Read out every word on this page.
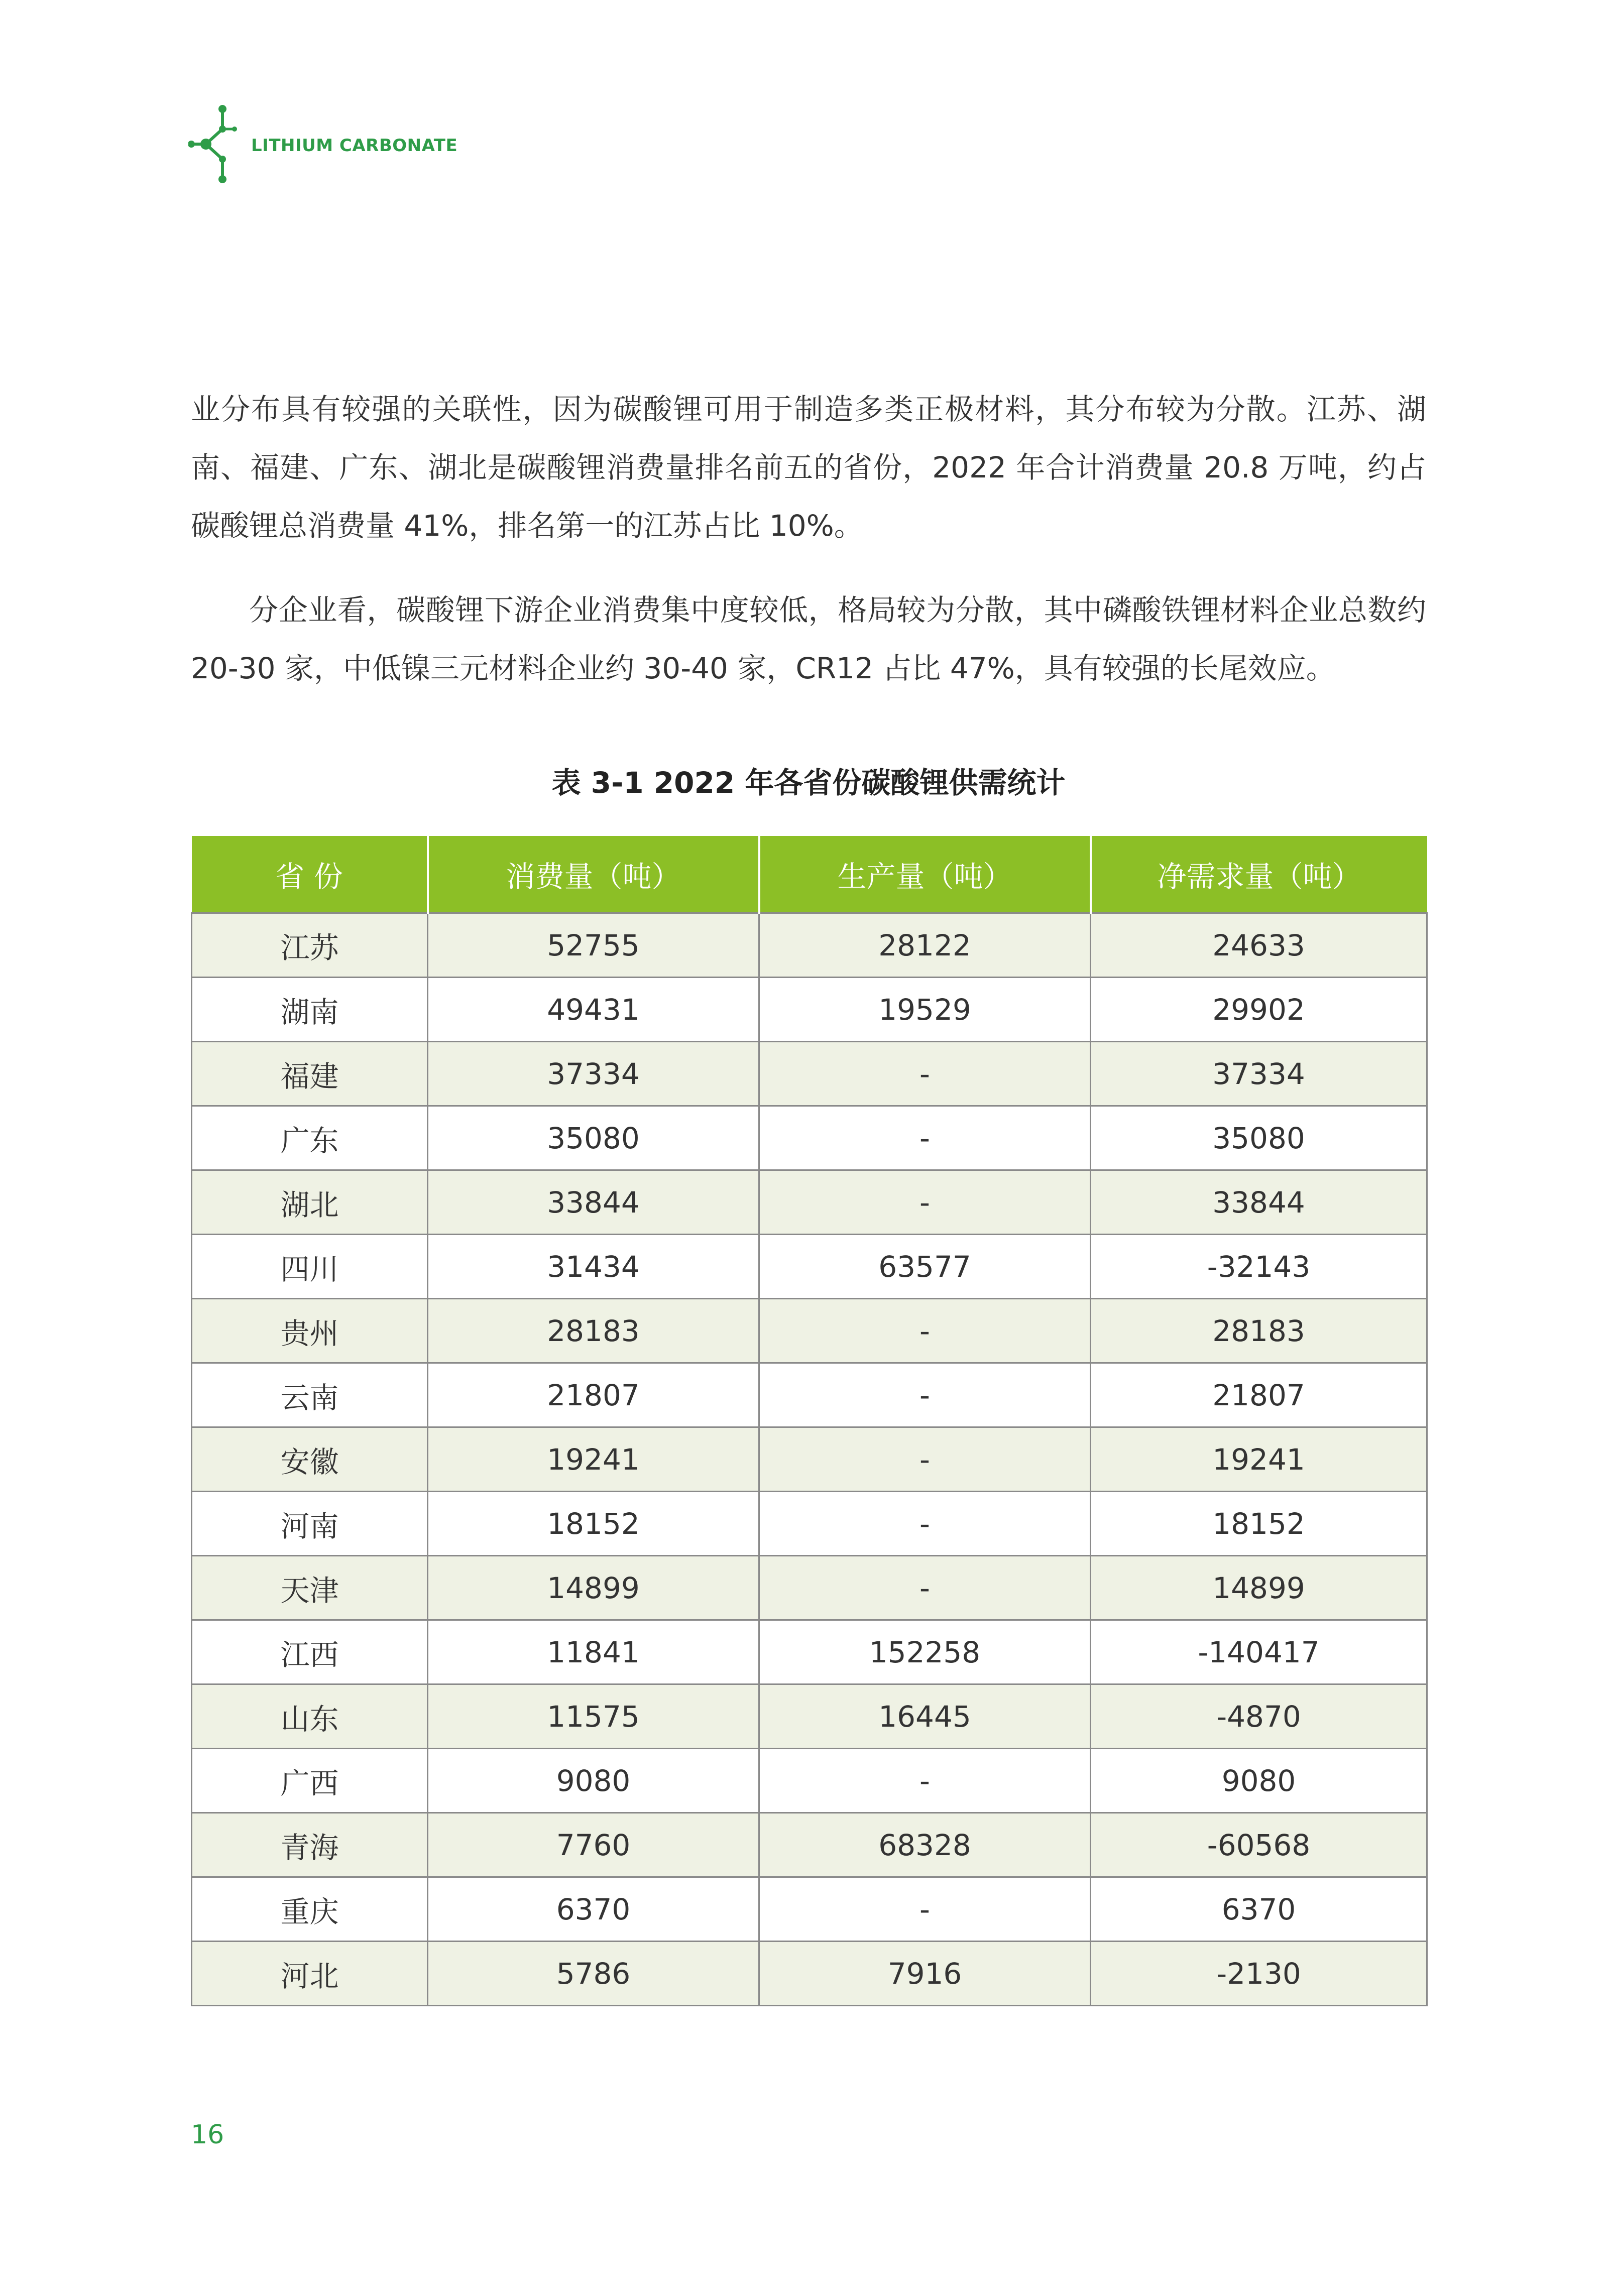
LITHIUM CARBONATE

业分布具有较强的关联性，因为碳酸锂可用于制造多类正极材料，其分布较为分散。江苏、湖南、福建、广东、湖北是碳酸锂消费量排名前五的省份，2022 年合计消费量 20.8 万吨，约占碳酸锂总消费量 41%，排名第一的江苏占比 10%。

分企业看，碳酸锂下游企业消费集中度较低，格局较为分散，其中磷酸铁锂材料企业总数约 20-30 家，中低镍三元材料企业约 30-40 家，CR12 占比 47%，具有较强的长尾效应。

表 3-1 2022 年各省份碳酸锂供需统计
省 份	消费量（吨）	生产量（吨）	净需求量（吨）
江苏	52755	28122	24633
湖南	49431	19529	29902
福建	37334	-	37334
广东	35080	-	35080
湖北	33844	-	33844
四川	31434	63577	-32143
贵州	28183	-	28183
云南	21807	-	21807
安徽	19241	-	19241
河南	18152	-	18152
天津	14899	-	14899
江西	11841	152258	-140417
山东	11575	16445	-4870
广西	9080	-	9080
青海	7760	68328	-60568
重庆	6370	-	6370
河北	5786	7916	-2130
16
